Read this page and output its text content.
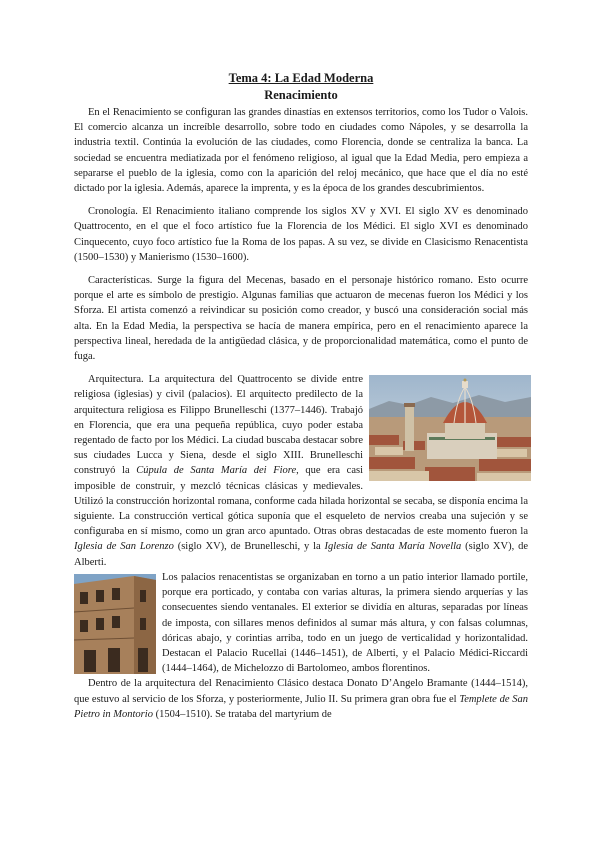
Tema 4: La Edad Moderna
Renacimiento

En el Renacimiento se configuran las grandes dinastías en extensos territorios, como los Tudor o Valois. El comercio alcanza un increíble desarrollo, sobre todo en ciudades como Nápoles, y se desarrolla la industria textil. Continúa la evolución de las ciudades, como Florencia, donde se centraliza la banca. La sociedad se encuentra mediatizada por el fenómeno religioso, al igual que la Edad Media, pero empieza a separarse el pueblo de la iglesia, como con la aparición del reloj mecánico, que hace que el día no esté dictado por la iglesia. Además, aparece la imprenta, y es la época de los grandes descubrimientos.

Cronología. El Renacimiento italiano comprende los siglos XV y XVI. El siglo XV es denominado Quattrocento, en el que el foco artístico fue la Florencia de los Médici. El siglo XVI es denominado Cinquecento, cuyo foco artístico fue la Roma de los papas. A su vez, se divide en Clasicismo Renacentista (1500–1530) y Manierismo (1530–1600).

Características. Surge la figura del Mecenas, basado en el personaje histórico romano. Esto ocurre porque el arte es símbolo de prestigio. Algunas familias que actuaron de mecenas fueron los Médici y los Sforza. El artista comenzó a reivindicar su posición como creador, y buscó una consideración social más alta. En la Edad Media, la perspectiva se hacía de manera empírica, pero en el renacimiento aparece la perspectiva lineal, heredada de la antigüedad clásica, y de proporcionalidad matemática, como el punto de fuga.

Arquitectura. La arquitectura del Quattrocento se divide entre religiosa (iglesias) y civil (palacios). El arquitecto predilecto de la arquitectura religiosa es Filippo Brunelleschi (1377–1446). Trabajó en Florencia, que era una pequeña república, cuyo poder estaba regentado de facto por los Médici. La ciudad buscaba destacar sobre sus ciudades Lucca y Siena, desde el siglo XIII. Brunelleschi construyó la Cúpula de Santa María dei Fiore, que era casi imposible de construir, y mezcló técnicas clásicas y medievales. Utilizó la construcción horizontal romana, conforme cada hilada horizontal se secaba, se disponía encima la siguiente. La construcción vertical gótica suponía que el esqueleto de nervios creaba una sujeción y se configuraba en sí mismo, como un gran arco apuntado. Otras obras destacadas de este momento fueron la Iglesia de San Lorenzo (siglo XV), de Brunelleschi, y la Iglesia de Santa María Novella (siglo XV), de Alberti.

Los palacios renacentistas se organizaban en torno a un patio interior llamado portile, porque era porticado, y contaba con varias alturas, la primera siendo arquerías y las consecuentes siendo ventanales. El exterior se dividía en alturas, separadas por líneas de imposta, con sillares menos definidos al sumar más altura, y con falsas columnas, dóricas abajo, y corintias arriba, todo en un juego de verticalidad y horizontalidad. Destacan el Palacio Rucellai (1446–1451), de Alberti, y el Palacio Médici-Riccardi (1444–1464), de Michelozzo di Bartolomeo, ambos florentinos.

Dentro de la arquitectura del Renacimiento Clásico destaca Donato D’Angelo Bramante (1444–1514), que estuvo al servicio de los Sforza, y posteriormente, Julio II. Su primera gran obra fue el Templete de San Pietro in Montorio (1504–1510). Se trataba del martyrium de
